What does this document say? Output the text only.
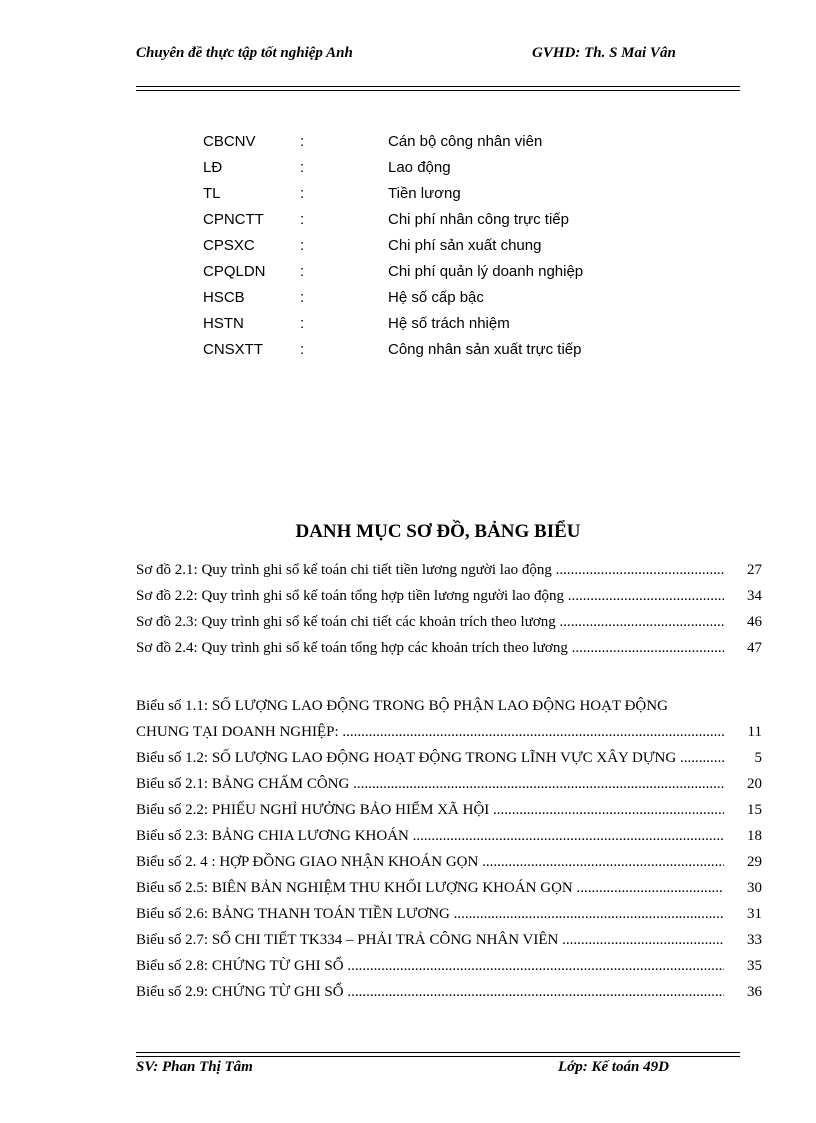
Chuyên đề thực tập tốt nghiệp Anh	GVHD: Th. S Mai Vân
CBCNV	:	Cán bộ công nhân viên
LĐ	:	Lao động
TL	:	Tiền lương
CPNCTT :	Chi phí nhân công trực tiếp
CPSXC	:	Chi phí sản xuất chung
CPQLDN :	Chi phí quản lý doanh nghiệp
HSCB	:	Hệ số cấp bậc
HSTN	:	Hệ số trách nhiệm
CNSXTT :	Công nhân sản xuất trực tiếp
DANH MỤC SƠ ĐỒ, BẢNG BIỂU
Sơ đồ 2.1: Quy trình ghi sổ kế toán chi tiết tiền lương người lao động .....	27
Sơ đồ 2.2: Quy trình ghi sổ kế toán tổng hợp tiền lương người lao động .....	34
Sơ đồ 2.3: Quy trình ghi sổ kế toán chi tiết các khoản trích theo lương .....	46
Sơ đồ 2.4: Quy trình ghi sổ kế toán tổng hợp các khoản trích theo lương .....	47
Biểu số 1.1: SỐ LƯỢNG LAO ĐỘNG TRONG BỘ PHẬN LAO ĐỘNG HOẠT ĐỘNG
CHUNG TẠI DOANH NGHIỆP: .....	11
Biểu số 1.2: SỐ LƯỢNG LAO ĐỘNG HOẠT ĐỘNG TRONG LĨNH VỰC XÂY DỰNG .....	5
Biểu số 2.1: BẢNG CHẤM CÔNG .....	20
Biểu số 2.2: PHIẾU NGHỈ HƯỞNG BẢO HIỂM XÃ HỘI .....	15
Biểu số 2.3: BẢNG CHIA LƯƠNG KHOÁN .....	18
Biểu số 2. 4 : HỢP ĐỒNG GIAO NHẬN KHOÁN GỌN .....	29
Biểu số 2.5: BIÊN BẢN NGHIỆM THU KHỐI LƯỢNG KHOÁN GỌN .....	30
Biểu số 2.6: BẢNG THANH TOÁN TIỀN LƯƠNG .....	31
Biểu số 2.7: SỔ CHI TIẾT TK334 – PHẢI TRẢ CÔNG NHÂN VIÊN .....	33
Biểu số 2.8: CHỨNG TỪ GHI SỔ .....	35
Biểu số 2.9: CHỨNG TỪ GHI SỔ .....	36
SV: Phan Thị Tâm	Lớp: Kế toán 49D
